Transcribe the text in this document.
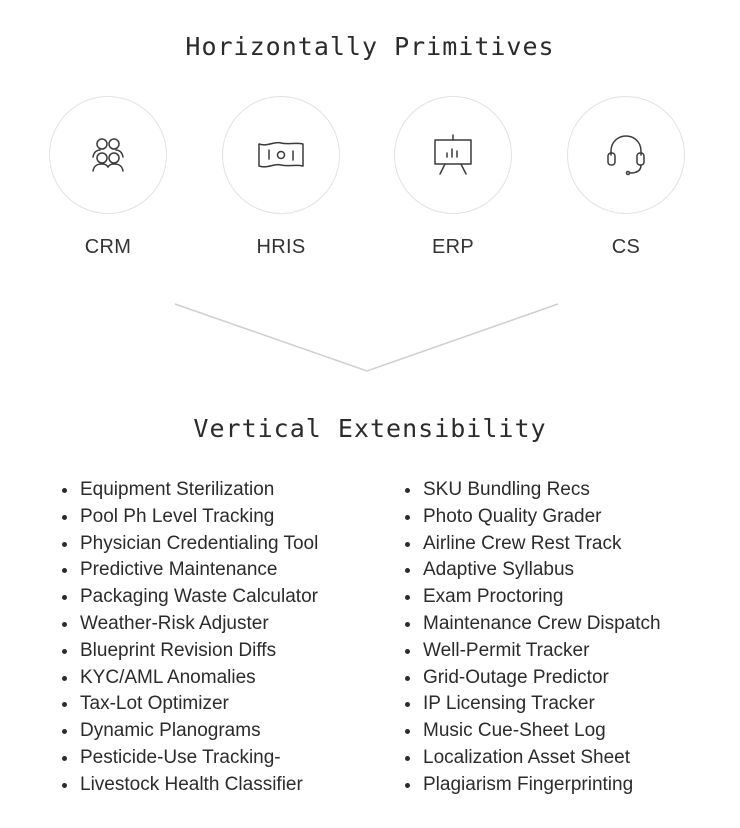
Horizontally Primitives
CRM	HRIS	ERP	CS
Vertical Extensibility
Equipment Sterilization
Pool Ph Level Tracking
Physician Credentialing Tool
Predictive Maintenance
Packaging Waste Calculator
Weather-Risk Adjuster
Blueprint Revision Diffs
KYC/AML Anomalies
Tax-Lot Optimizer
Dynamic Planograms
Pesticide-Use Tracking-
Livestock Health Classifier
SKU Bundling Recs
Photo Quality Grader
Airline Crew Rest Track
Adaptive Syllabus
Exam Proctoring
Maintenance Crew Dispatch
Well-Permit Tracker
Grid-Outage Predictor
IP Licensing Tracker
Music Cue-Sheet Log
Localization Asset Sheet
Plagiarism Fingerprinting
